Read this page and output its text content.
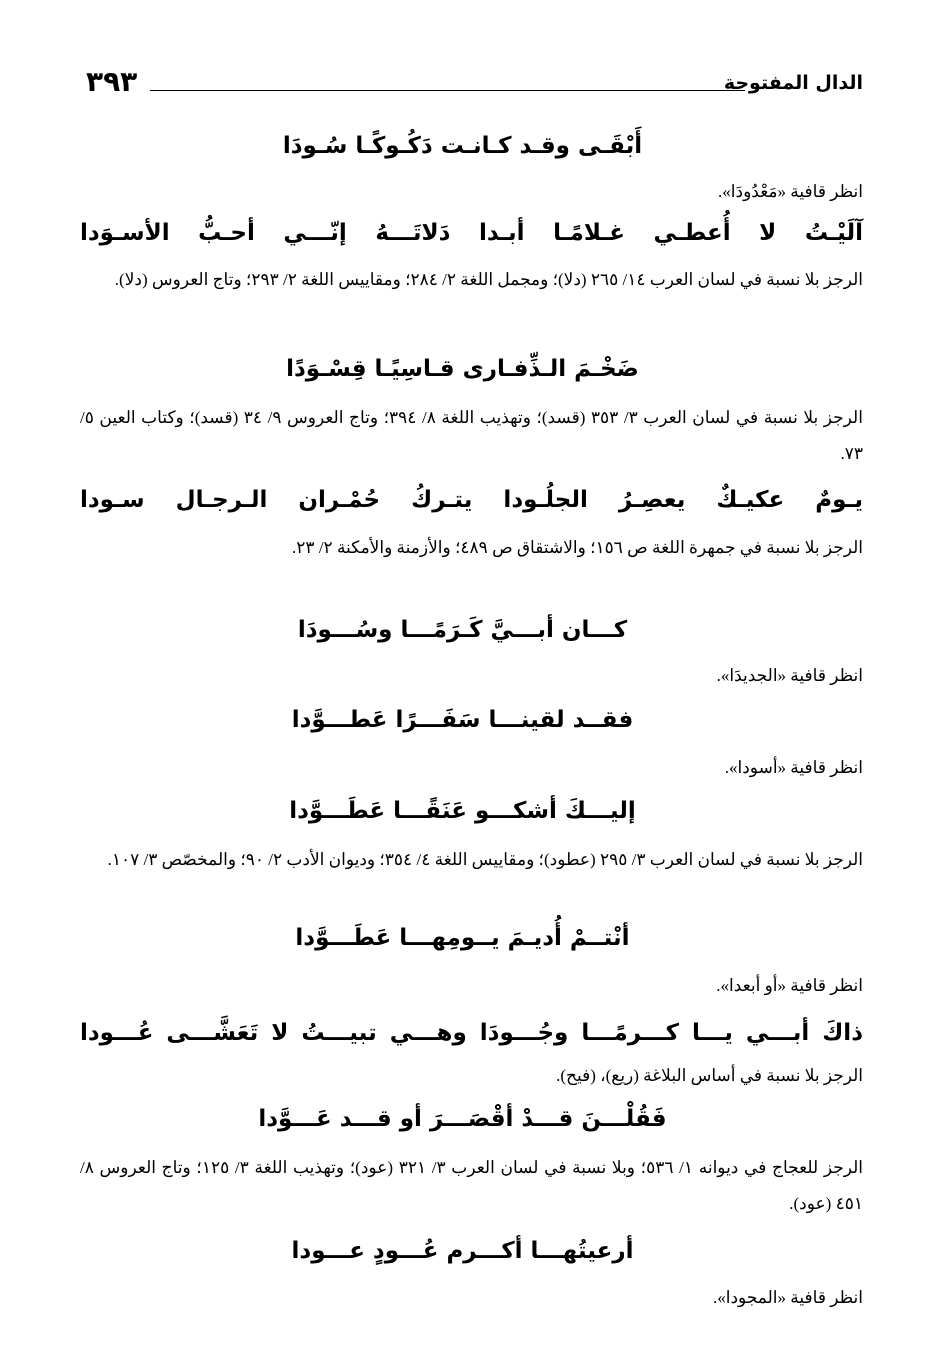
الدال المفتوحة
٣٩٣
أَبْقَـى وقـد كـانـت دَكُـوكًـا سُـودَا
انظر قافية «مَعْدُودَا».
آلَيْـتُ لا أُعطـي غـلامًـا أبـدا دَلاتَـــهُ إنّـــي أحـبُّ الأسـوَدا
الرجز بلا نسبة في لسان العرب ١٤/ ٢٦٥ (دلا)؛ ومجمل اللغة ٢/ ٢٨٤؛ ومقاييس اللغة ٢/ ٢٩٣؛ وتاج العروس (دلا).
ضَخْـمَ الـذِّفـارى قـاسِيًـا قِسْـوَدًا
الرجز بلا نسبة في لسان العرب ٣/ ٣٥٣ (قسد)؛ وتهذيب اللغة ٨/ ٣٩٤؛ وتاج العروس ٩/ ٣٤ (قسد)؛ وكتاب العين ٥/ ٧٣.
يـومٌ عكيـكٌ يعصِـرُ الجلُـودا يتـركُ حُمْـران الـرجـال سـودا
الرجز بلا نسبة في جمهرة اللغة ص ١٥٦؛ والاشتقاق ص ٤٨٩؛ والأزمنة والأمكنة ٢/ ٢٣.
كـــان أبـــيَّ كَـرَمًـــا وسُـــودَا
انظر قافية «الجديدَا».
فقــد لقينـــا سَفَـــرًا عَطـــوَّدا
انظر قافية «أسودا».
إليـــكَ أشكـــو عَنَقًـــا عَطَـــوَّدا
الرجز بلا نسبة في لسان العرب ٣/ ٢٩٥ (عطود)؛ ومقاييس اللغة ٤/ ٣٥٤؛ وديوان الأدب ٢/ ٩٠؛ والمخصّص ٣/ ١٠٧.
أنْتــمْ أُديـمَ يــومِهـــا عَطَـــوَّدا
انظر قافية «أو أبعدا».
ذاكَ أبـــي يـــا كـــرمًـــا وجُـــودَا وهـــي تبيـــتُ لا تَعَشَّـــى عُـــودا
الرجز بلا نسبة في أساس البلاغة (ريع)، (فيح).
فَقُلْـــنَ قـــدْ أقْصَـــرَ أو قـــد عَـــوَّدا
الرجز للعجاج في ديوانه ١/ ٥٣٦؛ وبلا نسبة في لسان العرب ٣/ ٣٢١ (عود)؛ وتهذيب اللغة ٣/ ١٢٥؛ وتاج العروس ٨/ ٤٥١ (عود).
أرعيتُهـــا أكـــرم عُـــودٍ عـــودا
انظر قافية «المجودا».
